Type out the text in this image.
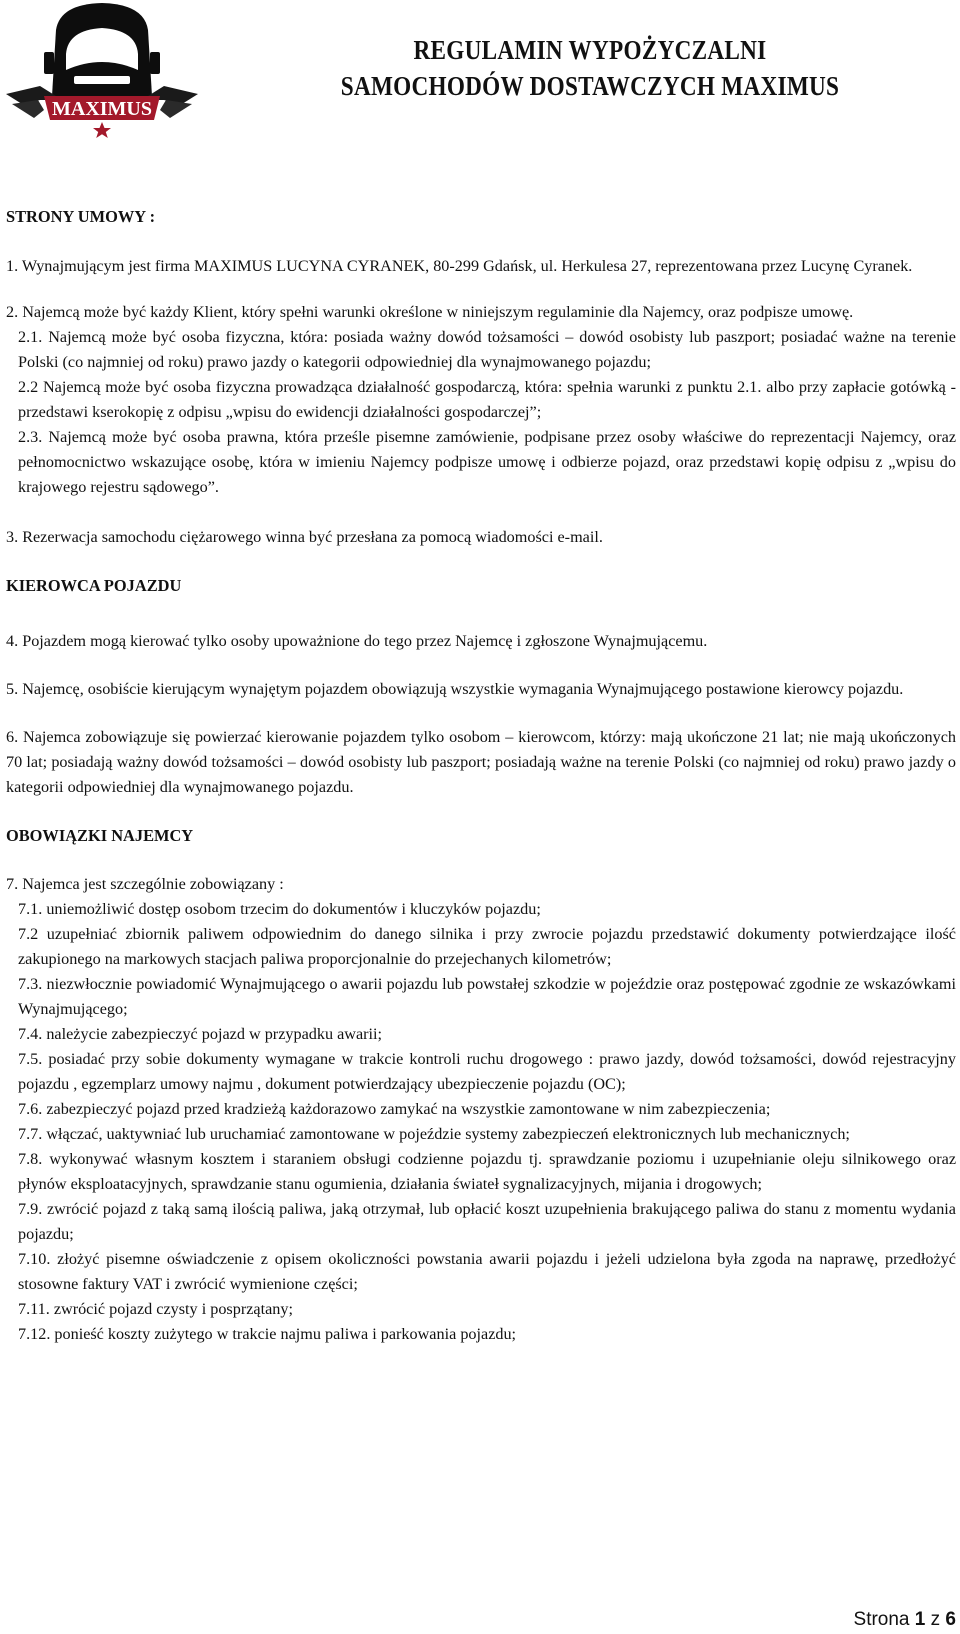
MAXIMUS
REGULAMIN WYPOŻYCZALNI
SAMOCHODÓW DOSTAWCZYCH MAXIMUS

STRONY UMOWY :

1. Wynajmującym jest firma MAXIMUS LUCYNA CYRANEK, 80-299 Gdańsk, ul. Herkulesa 27, reprezentowana przez Lucynę Cyranek.

2. Najemcą może być każdy Klient, który spełni warunki określone w niniejszym regulaminie dla Najemcy, oraz podpisze umowę.

2.1. Najemcą może być osoba fizyczna, która: posiada ważny dowód tożsamości – dowód osobisty lub paszport; posiadać ważne na terenie Polski (co najmniej od roku) prawo jazdy o kategorii odpowiedniej dla wynajmowanego pojazdu;

2.2 Najemcą może być osoba fizyczna prowadząca działalność gospodarczą, która: spełnia warunki z punktu 2.1. albo przy zapłacie gotówką - przedstawi kserokopię z odpisu „wpisu do ewidencji działalności gospodarczej”;

2.3. Najemcą może być osoba prawna, która prześle pisemne zamówienie, podpisane przez osoby właściwe do reprezentacji Najemcy, oraz pełnomocnictwo wskazujące osobę, która w imieniu Najemcy podpisze umowę i odbierze pojazd, oraz przedstawi kopię odpisu z „wpisu do krajowego rejestru sądowego”.

3. Rezerwacja samochodu ciężarowego winna być przesłana za pomocą wiadomości e-mail.

KIEROWCA POJAZDU

4. Pojazdem mogą kierować tylko osoby upoważnione do tego przez Najemcę i zgłoszone Wynajmującemu.

5. Najemcę, osobiście kierującym wynajętym pojazdem obowiązują wszystkie wymagania Wynajmującego postawione kierowcy pojazdu.

6. Najemca zobowiązuje się powierzać kierowanie pojazdem tylko osobom – kierowcom, którzy: mają ukończone 21 lat; nie mają ukończonych 70 lat; posiadają ważny dowód tożsamości – dowód osobisty lub paszport; posiadają ważne na terenie Polski (co najmniej od roku) prawo jazdy o kategorii odpowiedniej dla wynajmowanego pojazdu.

OBOWIĄZKI NAJEMCY

7. Najemca jest szczególnie zobowiązany :

7.1. uniemożliwić dostęp osobom trzecim do dokumentów i kluczyków pojazdu;

7.2 uzupełniać zbiornik paliwem odpowiednim do danego silnika i przy zwrocie pojazdu przedstawić dokumenty potwierdzające ilość zakupionego na markowych stacjach paliwa proporcjonalnie do przejechanych kilometrów;

7.3. niezwłocznie powiadomić Wynajmującego o awarii pojazdu lub powstałej szkodzie w pojeździe oraz postępować zgodnie ze wskazówkami Wynajmującego;

7.4. należycie zabezpieczyć pojazd w przypadku awarii;

7.5. posiadać przy sobie dokumenty wymagane w trakcie kontroli ruchu drogowego : prawo jazdy, dowód tożsamości, dowód rejestracyjny pojazdu , egzemplarz umowy najmu , dokument potwierdzający ubezpieczenie pojazdu (OC);

7.6. zabezpieczyć pojazd przed kradzieżą każdorazowo zamykać na wszystkie zamontowane w nim zabezpieczenia;

7.7. włączać, uaktywniać lub uruchamiać zamontowane w pojeździe systemy zabezpieczeń elektronicznych lub mechanicznych;

7.8. wykonywać własnym kosztem i staraniem obsługi codzienne pojazdu tj. sprawdzanie poziomu i uzupełnianie oleju silnikowego oraz płynów eksploatacyjnych, sprawdzanie stanu ogumienia, działania świateł sygnalizacyjnych, mijania i drogowych;

7.9. zwrócić pojazd z taką samą ilością paliwa, jaką otrzymał, lub opłacić koszt uzupełnienia brakującego paliwa do stanu z momentu wydania pojazdu;

7.10. złożyć pisemne oświadczenie z opisem okoliczności powstania awarii pojazdu i jeżeli udzielona była zgoda na naprawę, przedłożyć stosowne faktury VAT i zwrócić wymienione części;

7.11. zwrócić pojazd czysty i posprzątany;

7.12. ponieść koszty zużytego w trakcie najmu paliwa i parkowania pojazdu;

Strona 1 z 6
